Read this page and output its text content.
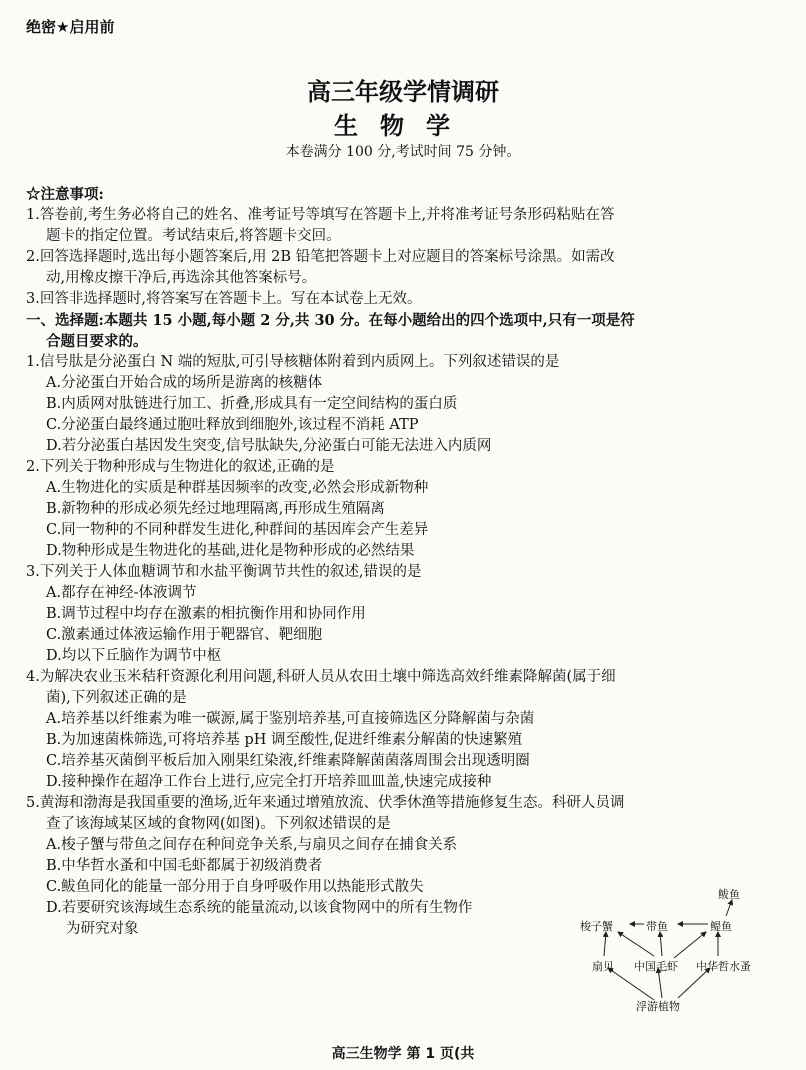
绝密★启用前
高三年级学情调研
生物学
本卷满分 100 分,考试时间 75 分钟。
☆注意事项:
1.答卷前,考生务必将自己的姓名、准考证号等填写在答题卡上,并将准考证号条形码粘贴在答
题卡的指定位置。考试结束后,将答题卡交回。
2.回答选择题时,选出每小题答案后,用 2B 铅笔把答题卡上对应题目的答案标号涂黑。如需改
动,用橡皮擦干净后,再选涂其他答案标号。
3.回答非选择题时,将答案写在答题卡上。写在本试卷上无效。
一、选择题:本题共 15 小题,每小题 2 分,共 30 分。在每小题给出的四个选项中,只有一项是符
合题目要求的。
1.信号肽是分泌蛋白 N 端的短肽,可引导核糖体附着到内质网上。下列叙述错误的是
A.分泌蛋白开始合成的场所是游离的核糖体
B.内质网对肽链进行加工、折叠,形成具有一定空间结构的蛋白质
C.分泌蛋白最终通过胞吐释放到细胞外,该过程不消耗 ATP
D.若分泌蛋白基因发生突变,信号肽缺失,分泌蛋白可能无法进入内质网
2.下列关于物种形成与生物进化的叙述,正确的是
A.生物进化的实质是种群基因频率的改变,必然会形成新物种
B.新物种的形成必须先经过地理隔离,再形成生殖隔离
C.同一物种的不同种群发生进化,种群间的基因库会产生差异
D.物种形成是生物进化的基础,进化是物种形成的必然结果
3.下列关于人体血糖调节和水盐平衡调节共性的叙述,错误的是
A.都存在神经-体液调节
B.调节过程中均存在激素的相抗衡作用和协同作用
C.激素通过体液运输作用于靶器官、靶细胞
D.均以下丘脑作为调节中枢
4.为解决农业玉米秸秆资源化利用问题,科研人员从农田土壤中筛选高效纤维素降解菌(属于细
菌),下列叙述正确的是
A.培养基以纤维素为唯一碳源,属于鉴别培养基,可直接筛选区分降解菌与杂菌
B.为加速菌株筛选,可将培养基 pH 调至酸性,促进纤维素分解菌的快速繁殖
C.培养基灭菌倒平板后加入刚果红染液,纤维素降解菌菌落周围会出现透明圈
D.接种操作在超净工作台上进行,应完全打开培养皿皿盖,快速完成接种
5.黄海和渤海是我国重要的渔场,近年来通过增殖放流、伏季休渔等措施修复生态。科研人员调
查了该海域某区域的食物网(如图)。下列叙述错误的是
A.梭子蟹与带鱼之间存在种间竞争关系,与扇贝之间存在捕食关系
B.中华哲水蚤和中国毛虾都属于初级消费者
C.鲅鱼同化的能量一部分用于自身呼吸作用以热能形式散失
D.若要研究该海域生态系统的能量流动,以该食物网中的所有生物作
为研究对象
鲅鱼
梭子蟹	带鱼	鳀鱼
扇贝 中国毛虾 中华哲水蚤
浮游植物
高三生物学 第 1 页(共
